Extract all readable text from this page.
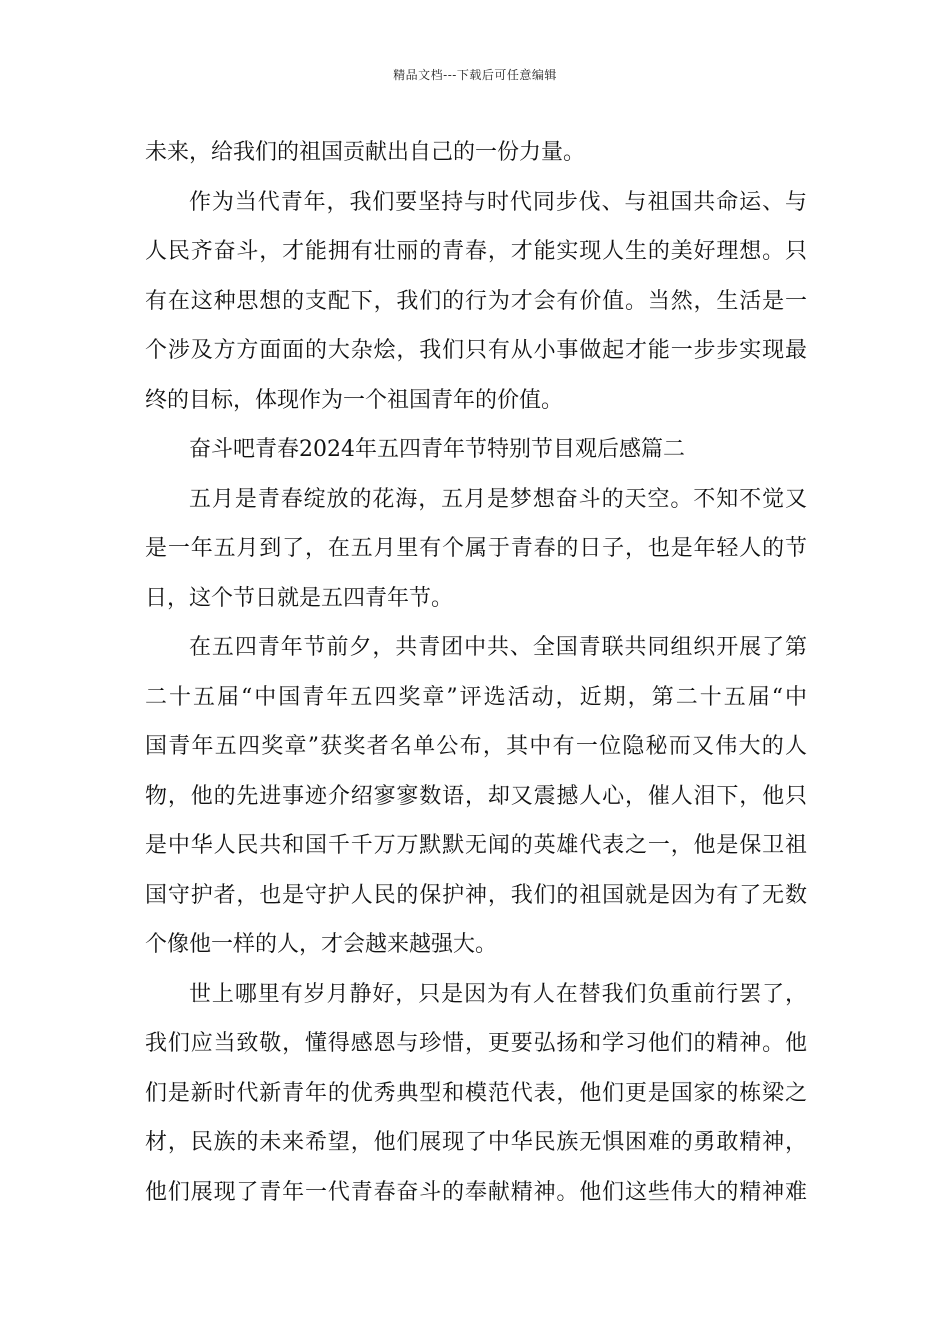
精品文档---下载后可任意编辑
未来，给我们的祖国贡献出自己的一份力量。
作为当代青年，我们要坚持与时代同步伐、与祖国共命运、与
人民齐奋斗，才能拥有壮丽的青春，才能实现人生的美好理想。只
有在这种思想的支配下，我们的行为才会有价值。当然，生活是一
个涉及方方面面的大杂烩，我们只有从小事做起才能一步步实现最
终的目标，体现作为一个祖国青年的价值。
奋斗吧青春2024年五四青年节特别节目观后感篇二
五月是青春绽放的花海，五月是梦想奋斗的天空。不知不觉又
是一年五月到了，在五月里有个属于青春的日子，也是年轻人的节
日，这个节日就是五四青年节。
在五四青年节前夕，共青团中共、全国青联共同组织开展了第
二十五届“中国青年五四奖章”评选活动，近期，第二十五届“中
国青年五四奖章”获奖者名单公布，其中有一位隐秘而又伟大的人
物，他的先进事迹介绍寥寥数语，却又震撼人心，催人泪下，他只
是中华人民共和国千千万万默默无闻的英雄代表之一，他是保卫祖
国守护者，也是守护人民的保护神，我们的祖国就是因为有了无数
个像他一样的人，才会越来越强大。
世上哪里有岁月静好，只是因为有人在替我们负重前行罢了，
我们应当致敬，懂得感恩与珍惜，更要弘扬和学习他们的精神。他
们是新时代新青年的优秀典型和模范代表，他们更是国家的栋梁之
材，民族的未来希望，他们展现了中华民族无惧困难的勇敢精神，
他们展现了青年一代青春奋斗的奉献精神。他们这些伟大的精神难
